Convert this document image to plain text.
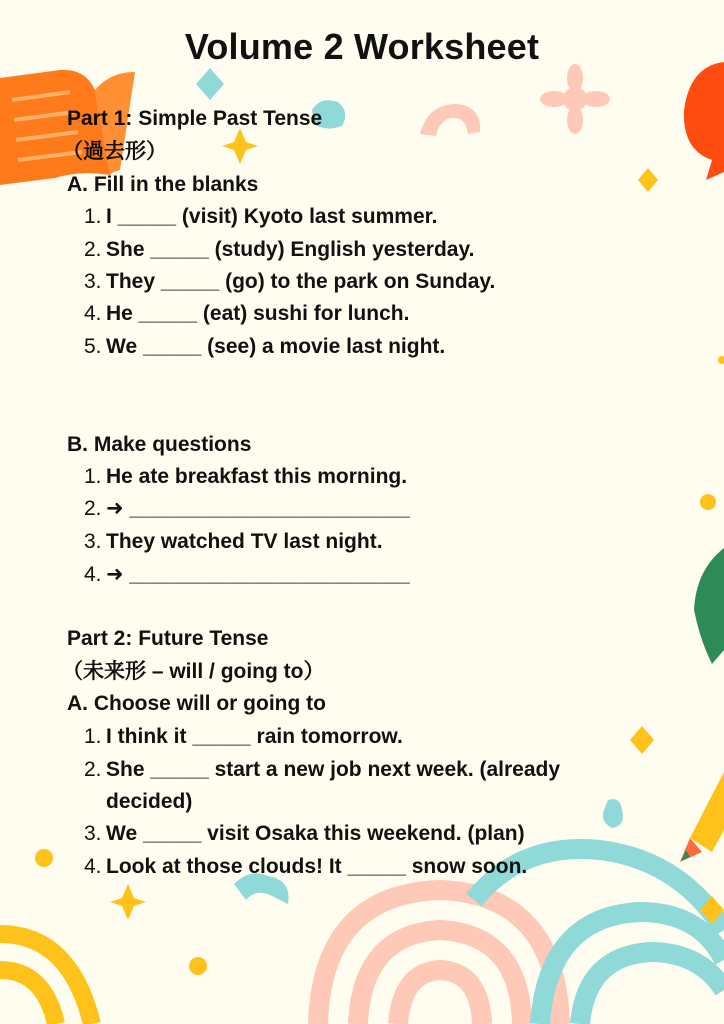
Volume 2 Worksheet

Part 1: Simple Past Tense

（過去形）

A. Fill in the blanks

1. I _____ (visit) Kyoto last summer.
2. She _____ (study) English yesterday.
3. They _____ (go) to the park on Sunday.
4. He _____ (eat) sushi for lunch.
5. We _____ (see) a movie last night.

B. Make questions

1. He ate breakfast this morning.
2. ➜ ________________________
3. They watched TV last night.
4. ➜ ________________________

Part 2: Future Tense

（未来形 – will / going to）

A. Choose will or going to

1. I think it _____ rain tomorrow.
2. She _____ start a new job next week. (already
decided)
3. We _____ visit Osaka this weekend. (plan)
4. Look at those clouds! It _____ snow soon.
